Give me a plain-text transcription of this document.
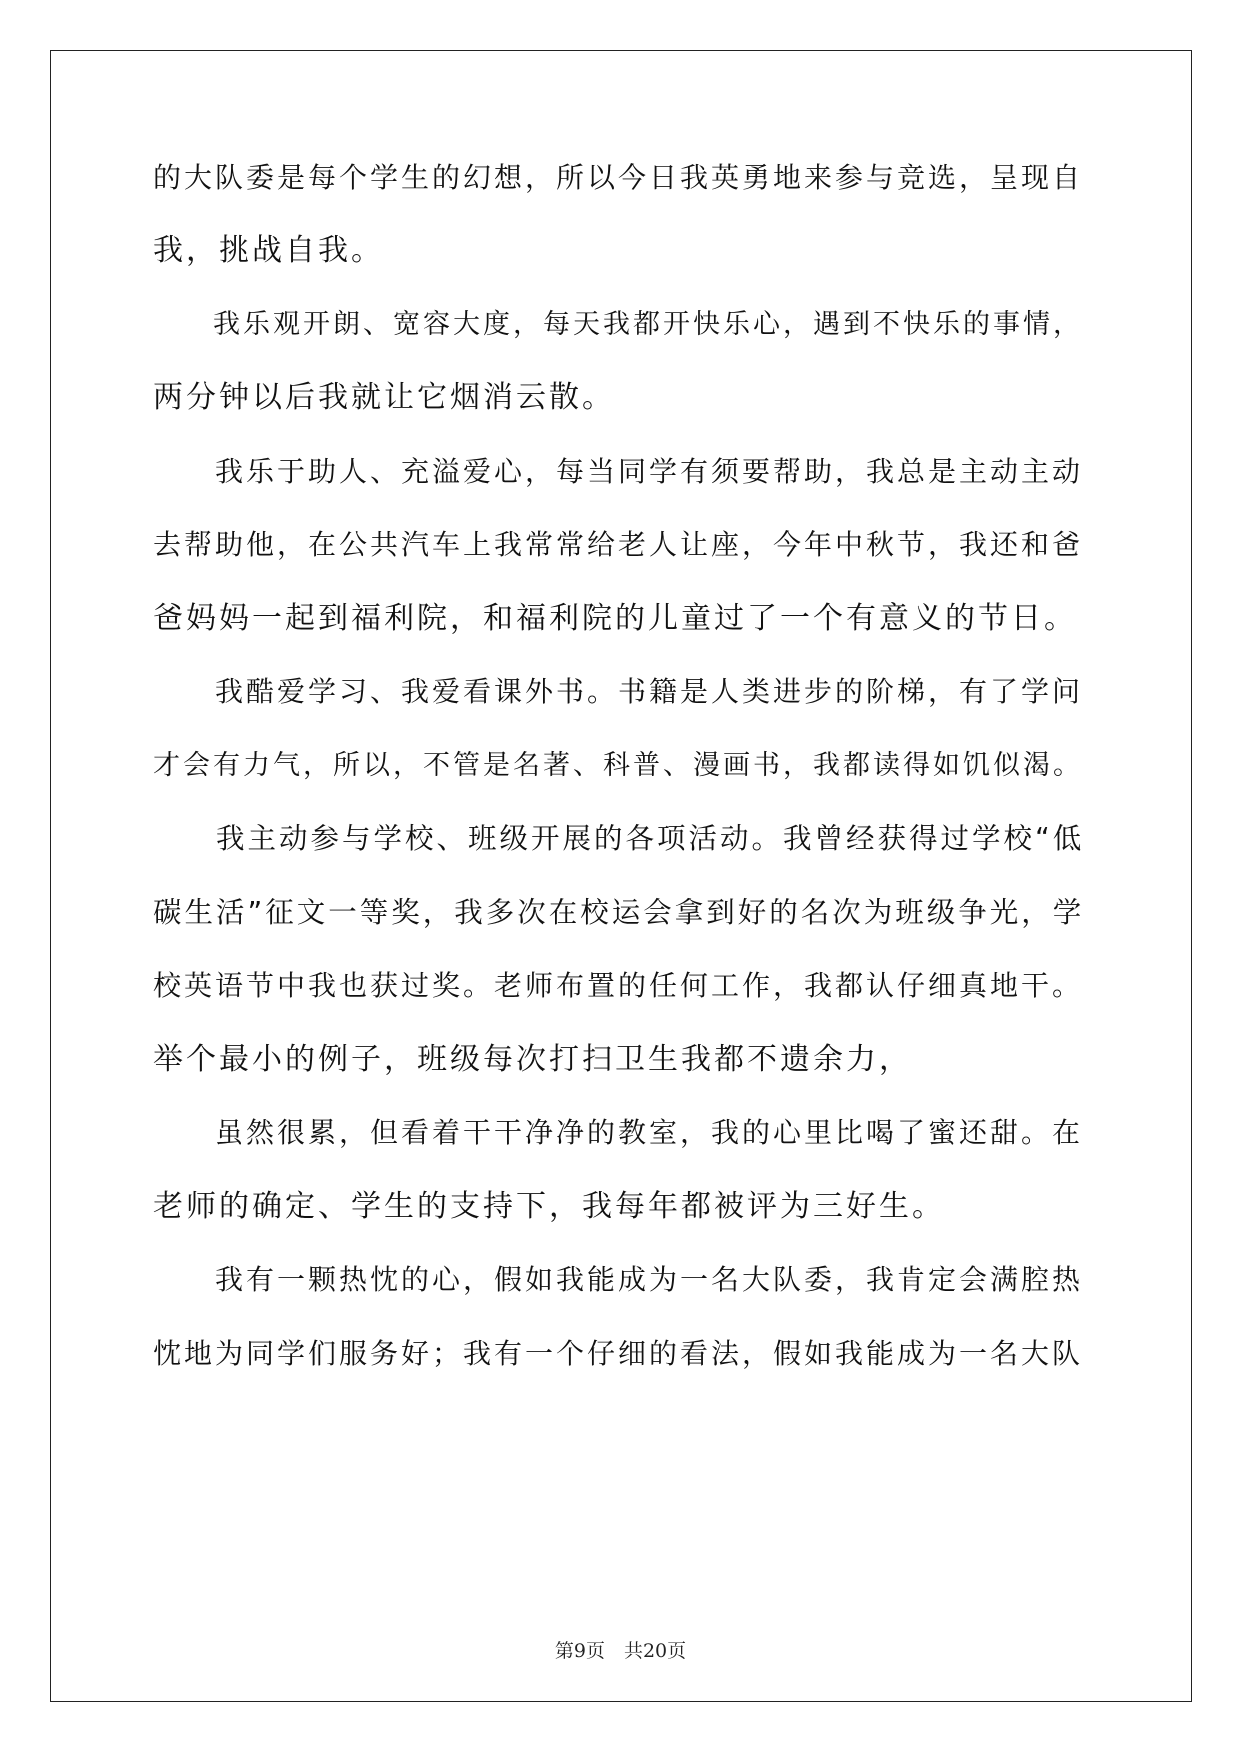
的大队委是每个学生的幻想，所以今日我英勇地来参与竞选，呈现自
我，挑战自我。
　　我乐观开朗、宽容大度，每天我都开快乐心，遇到不快乐的事情，
两分钟以后我就让它烟消云散。
　　我乐于助人、充溢爱心，每当同学有须要帮助，我总是主动主动
去帮助他，在公共汽车上我常常给老人让座，今年中秋节，我还和爸
爸妈妈一起到福利院，和福利院的儿童过了一个有意义的节日。
　　我酷爱学习、我爱看课外书。书籍是人类进步的阶梯，有了学问
才会有力气，所以，不管是名著、科普、漫画书，我都读得如饥似渴。
　　我主动参与学校、班级开展的各项活动。我曾经获得过学校“低
碳生活”征文一等奖，我多次在校运会拿到好的名次为班级争光，学
校英语节中我也获过奖。老师布置的任何工作，我都认仔细真地干。
举个最小的例子，班级每次打扫卫生我都不遗余力，
　　虽然很累，但看着干干净净的教室，我的心里比喝了蜜还甜。在
老师的确定、学生的支持下，我每年都被评为三好生。
　　我有一颗热忱的心，假如我能成为一名大队委，我肯定会满腔热
忱地为同学们服务好；我有一个仔细的看法，假如我能成为一名大队
第9页　共20页
